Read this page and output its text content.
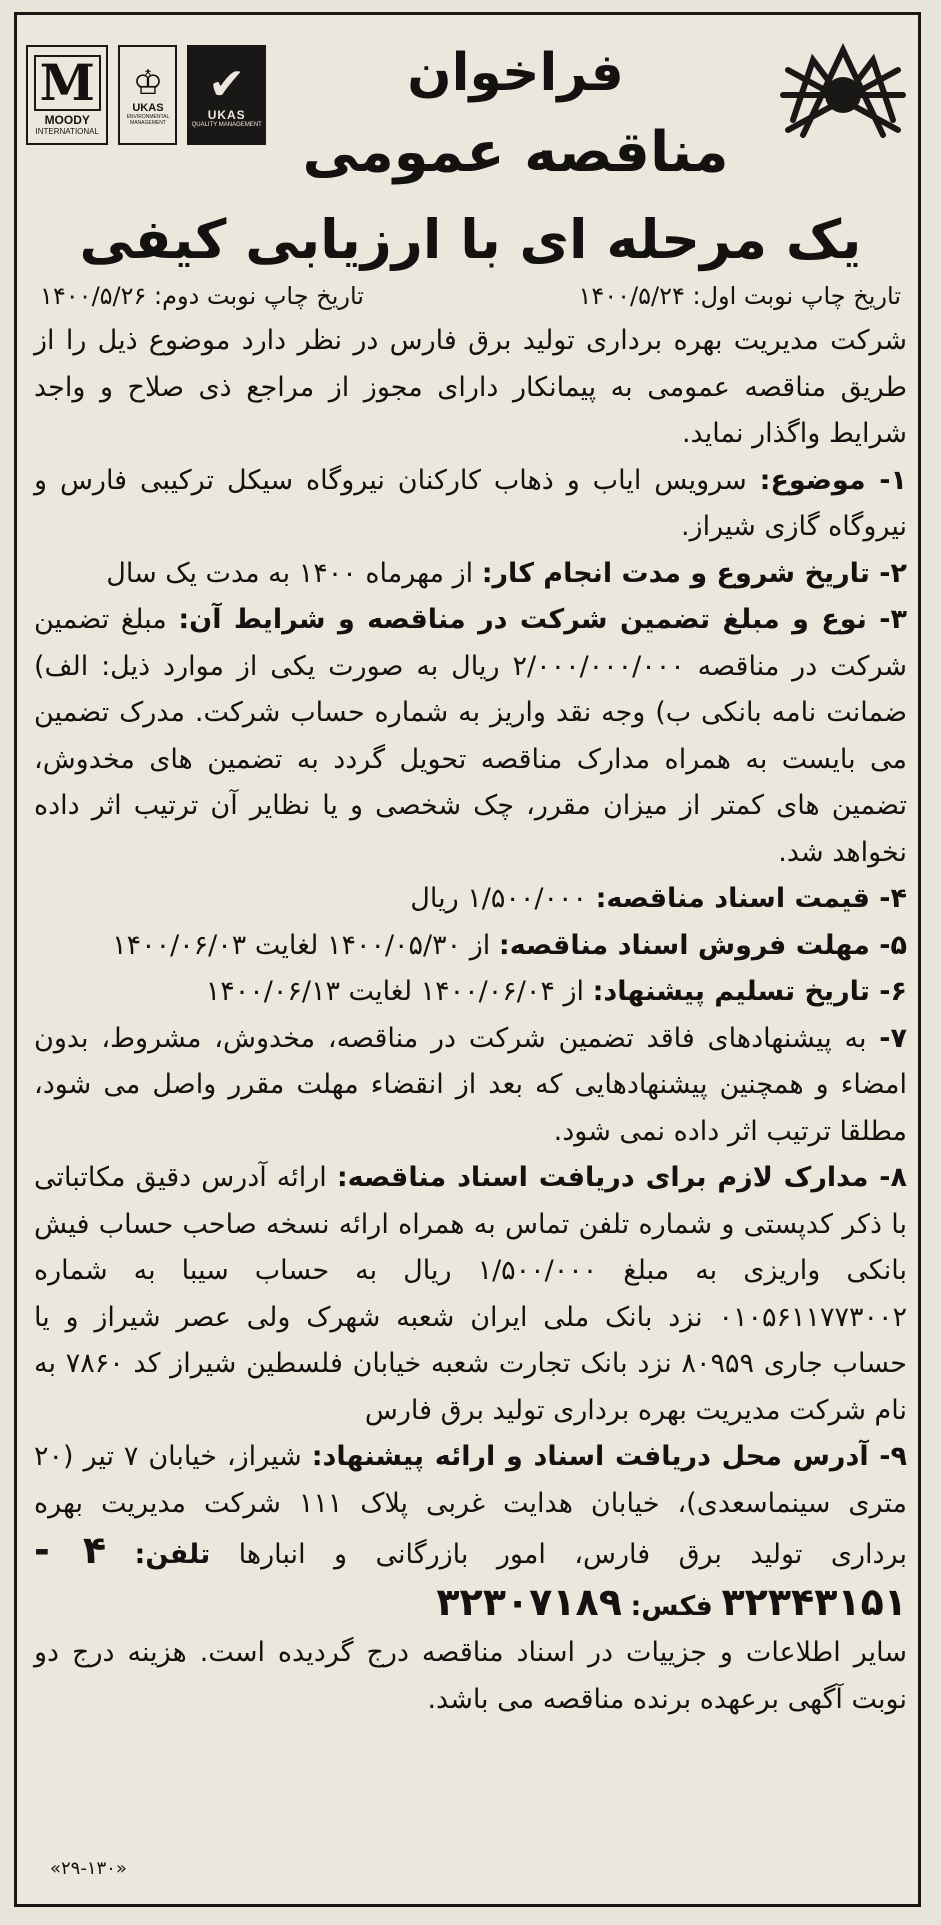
M
MOODY
INTERNATIONAL
♔
UKAS
ENVIRONMENTAL MANAGEMENT
✔
UKAS
QUALITY MANAGEMENT
فراخوان
مناقصه عمومی
یک مرحله ای با ارزیابی کیفی
تاریخ چاپ نوبت اول: ۱۴۰۰/۵/۲۴
تاریخ چاپ نوبت دوم: ۱۴۰۰/۵/۲۶

شرکت مدیریت بهره برداری تولید برق فارس در نظر دارد موضوع ذیل را از طریق مناقصه عمومی به پیمانکار دارای مجوز از مراجع ذی صلاح و واجد شرایط واگذار نماید.

۱- موضوع: سرویس ایاب و ذهاب کارکنان نیروگاه سیکل ترکیبی فارس و نیروگاه گازی شیراز.

۲- تاریخ شروع و مدت انجام کار: از مهرماه ۱۴۰۰ به مدت یک سال

۳- نوع و مبلغ تضمین شرکت در مناقصه و شرایط آن: مبلغ تضمین شرکت در مناقصه ۲/۰۰۰/۰۰۰/۰۰۰ ریال به صورت یکی از موارد ذیل: الف) ضمانت نامه بانکی ب) وجه نقد واریز به شماره حساب شرکت. مدرک تضمین می بایست به همراه مدارک مناقصه تحویل گردد به تضمین های مخدوش، تضمین های کمتر از میزان مقرر، چک شخصی و یا نظایر آن ترتیب اثر داده نخواهد شد.

۴- قیمت اسناد مناقصه: ۱/۵۰۰/۰۰۰ ریال

۵- مهلت فروش اسناد مناقصه: از ۱۴۰۰/۰۵/۳۰ لغایت ۱۴۰۰/۰۶/۰۳

۶- تاریخ تسلیم پیشنهاد: از ۱۴۰۰/۰۶/۰۴ لغایت ۱۴۰۰/۰۶/۱۳

۷- به پیشنهادهای فاقد تضمین شرکت در مناقصه، مخدوش، مشروط، بدون امضاء و همچنین پیشنهادهایی که بعد از انقضاء مهلت مقرر واصل می شود، مطلقا ترتیب اثر داده نمی شود.

۸- مدارک لازم برای دریافت اسناد مناقصه: ارائه آدرس دقیق مکاتباتی با ذکر کدپستی و شماره تلفن تماس به همراه ارائه نسخه صاحب حساب فیش بانکی واریزی به مبلغ ۱/۵۰۰/۰۰۰ ریال به حساب سیبا به شماره ۰۱۰۵۶۱۱۷۷۳۰۰۲ نزد بانک ملی ایران شعبه شهرک ولی عصر شیراز و یا حساب جاری ۸۰۹۵۹ نزد بانک تجارت شعبه خیابان فلسطین شیراز کد ۷۸۶۰ به نام شرکت مدیریت بهره برداری تولید برق فارس

۹- آدرس محل دریافت اسناد و ارائه پیشنهاد: شیراز، خیابان ۷ تیر (۲۰ متری سینماسعدی)، خیابان هدایت غربی پلاک ۱۱۱ شرکت مدیریت بهره برداری تولید برق فارس، امور بازرگانی و انبارها تلفن: ۴ - ۳۲۳۴۳۱۵۱ فکس: ۳۲۳۰۷۱۸۹

سایر اطلاعات و جزییات در اسناد مناقصه درج گردیده است. هزینه درج دو نوبت آگهی برعهده برنده مناقصه می باشد.

«۲۹-۱۳۰»
